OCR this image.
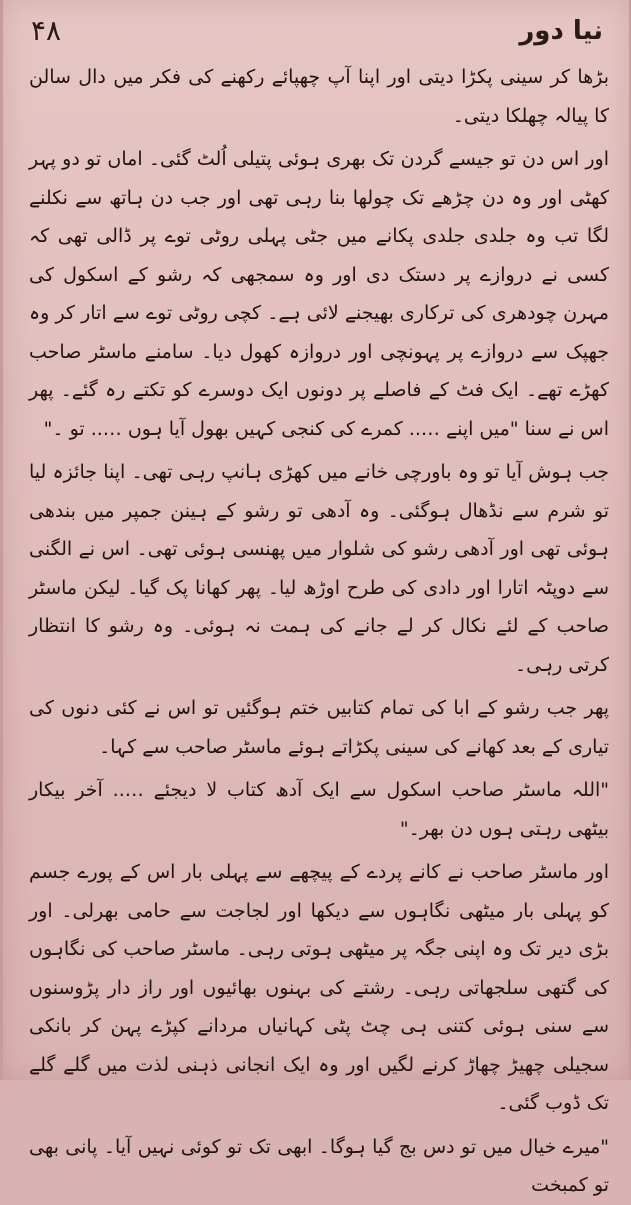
۴۸	نیا دور

بڑھا کر سینی پکڑا دیتی اور اپنا آپ چھپائے رکھنے کی فکر میں دال سالن کا پیالہ چھلکا دیتی۔

اور اس دن تو جیسے گردن تک بھری ہوئی پتیلی اُلٹ گئی۔ اماں تو دو پہر کھٹی اور وہ دن چڑھے تک چولھا بنا رہی تھی اور جب دن ہاتھ سے نکلنے لگا تب وہ جلدی جلدی پکانے میں جٹی پہلی روٹی توے پر ڈالی تھی کہ کسی نے دروازے پر دستک دی اور وہ سمجھی کہ رشو کے اسکول کی مہرن چودھری کی ترکاری بھیجنے لائی ہے۔ کچی روٹی توے سے اتار کر وہ جھپک سے دروازے پر پہونچی اور دروازہ کھول دیا۔ سامنے ماسٹر صاحب کھڑے تھے۔ ایک فٹ کے فاصلے پر دونوں ایک دوسرے کو تکتے رہ گئے۔ پھر اس نے سنا "میں اپنے ….. کمرے کی کنجی کہیں بھول آیا ہوں ….. تو ۔"

جب ہوش آیا تو وہ باورچی خانے میں کھڑی ہانپ رہی تھی۔ اپنا جائزہ لیا تو شرم سے نڈھال ہوگئی۔ وہ آدھی تو رشو کے ہینن جمپر میں بندھی ہوئی تھی اور آدھی رشو کی شلوار میں پھنسی ہوئی تھی۔ اس نے الگنی سے دوپٹہ اتارا اور دادی کی طرح اوڑھ لیا۔ پھر کھانا پک گیا۔ لیکن ماسٹر صاحب کے لئے نکال کر لے جانے کی ہمت نہ ہوئی۔ وہ رشو کا انتظار کرتی رہی۔

پھر جب رشو کے ابا کی تمام کتابیں ختم ہوگئیں تو اس نے کئی دنوں کی تیاری کے بعد کھانے کی سینی پکڑاتے ہوئے ماسٹر صاحب سے کہا۔

"اللہ ماسٹر صاحب اسکول سے ایک آدھ کتاب لا دیجئے ….. آخر بیکار بیٹھی رہتی ہوں دن بھر۔"

اور ماسٹر صاحب نے کانے پردے کے پیچھے سے پہلی بار اس کے پورے جسم کو پہلی بار میٹھی نگاہوں سے دیکھا اور لجاجت سے حامی بھرلی۔ اور بڑی دیر تک وہ اپنی جگہ پر میٹھی ہوتی رہی۔ ماسٹر صاحب کی نگاہوں کی گتھی سلجھاتی رہی۔ رشتے کی بہنوں بھائیوں اور راز دار پڑوسنوں سے سنی ہوئی کتنی ہی چٹ پٹی کہانیاں مردانے کپڑے پہن کر بانکی سجیلی چھیڑ چھاڑ کرنے لگیں اور وہ ایک انجانی ذہنی لذت میں گلے گلے تک ڈوب گئی۔

"میرے خیال میں تو دس بج گیا ہوگا۔ ابھی تک تو کوئی نہیں آیا۔ پانی بھی تو کمبخت
